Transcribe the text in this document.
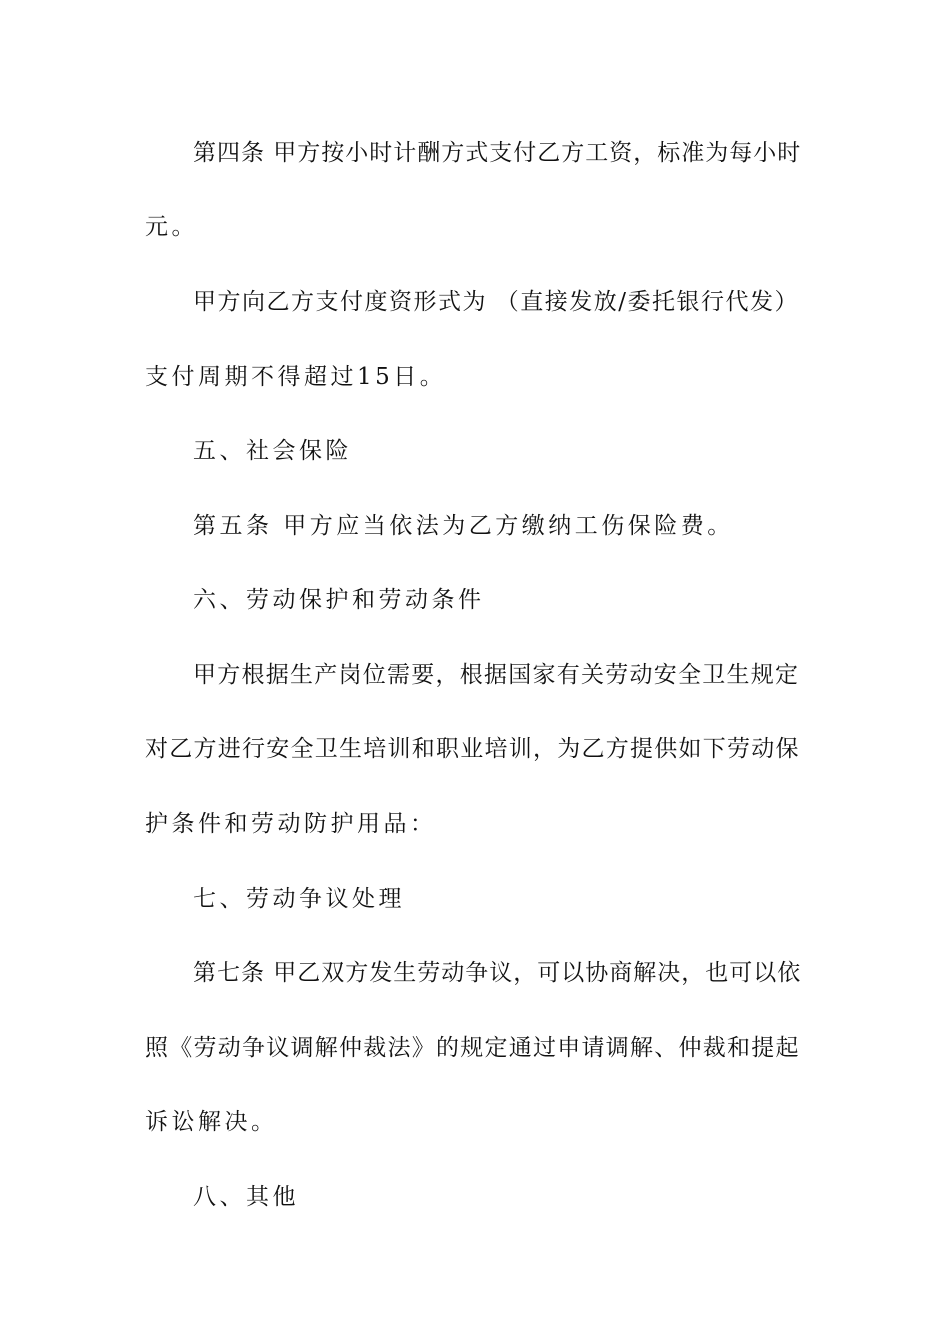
第四条 甲方按小时计酬方式支付乙方工资，标准为每小时

元。

甲方向乙方支付度资形式为 （直接发放/委托银行代发）

支付周期不得超过15日。

五、社会保险

第五条 甲方应当依法为乙方缴纳工伤保险费。

六、劳动保护和劳动条件

甲方根据生产岗位需要，根据国家有关劳动安全卫生规定

对乙方进行安全卫生培训和职业培训，为乙方提供如下劳动保

护条件和劳动防护用品：

七、劳动争议处理

第七条 甲乙双方发生劳动争议，可以协商解决，也可以依

照《劳动争议调解仲裁法》的规定通过申请调解、仲裁和提起

诉讼解决。

八、其他
